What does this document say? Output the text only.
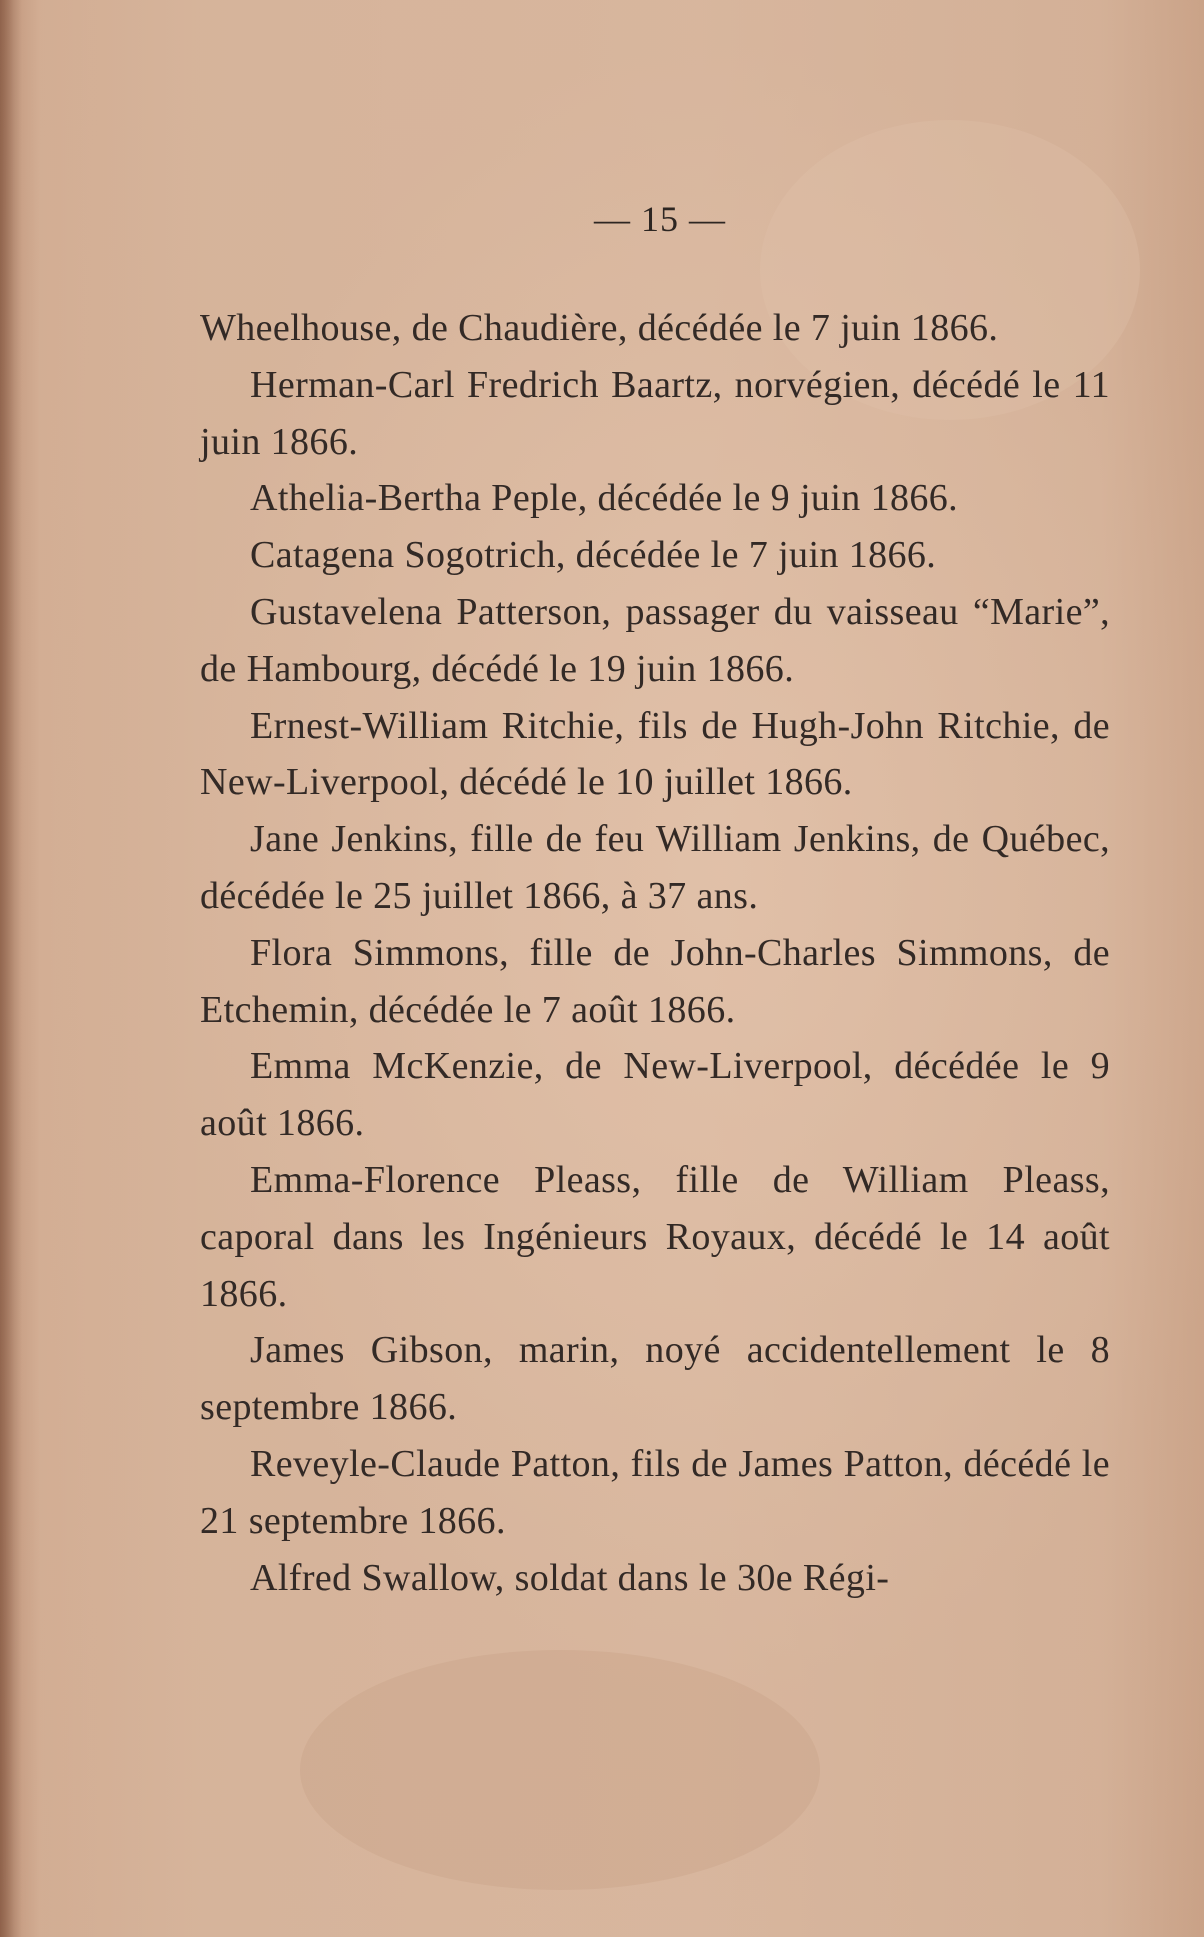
— 15 —

Wheelhouse, de Chaudière, décédée le 7 juin 1866.

Herman-Carl Fredrich Baartz, norvégien, décédé le 11 juin 1866.

Athelia-Bertha Peple, décédée le 9 juin 1866.

Catagena Sogotrich, décédée le 7 juin 1866.

Gustavelena Patterson, passager du vaisseau “Marie”, de Hambourg, décédé le 19 juin 1866.

Ernest-William Ritchie, fils de Hugh-John Ritchie, de New-Liverpool, décédé le 10 juillet 1866.

Jane Jenkins, fille de feu William Jenkins, de Québec, décédée le 25 juillet 1866, à 37 ans.

Flora Simmons, fille de John-Charles Simmons, de Etchemin, décédée le 7 août 1866.

Emma McKenzie, de New-Liverpool, décédée le 9 août 1866.

Emma-Florence Pleass, fille de William Pleass, caporal dans les Ingénieurs Royaux, décédé le 14 août 1866.

James Gibson, marin, noyé accidentellement le 8 septembre 1866.

Reveyle-Claude Patton, fils de James Patton, décédé le 21 septembre 1866.

Alfred Swallow, soldat dans le 30e Régi-
